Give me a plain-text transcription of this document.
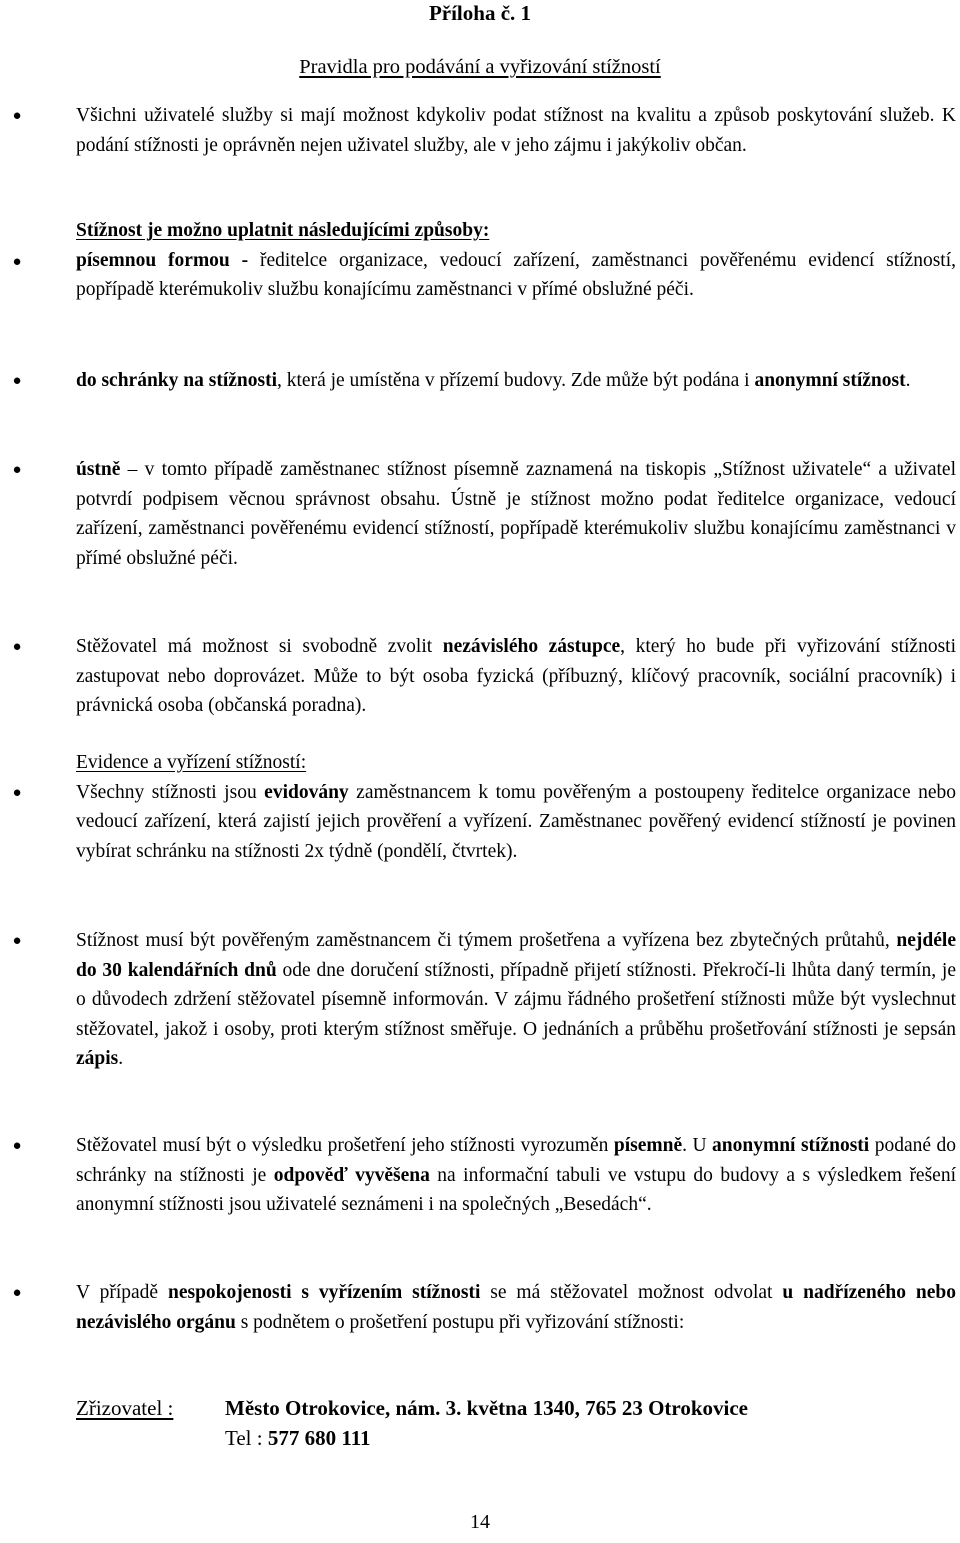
Příloha č. 1
Pravidla pro podávání a vyřizování stížností
●	Všichni uživatelé služby si mají možnost kdykoliv podat stížnost na kvalitu a způsob poskytování služeb. K podání stížnosti je oprávněn nejen uživatel služby, ale v jeho zájmu i jakýkoliv občan.

●

Stížnost je možno uplatnit následujícími způsoby:
písemnou formou - ředitelce organizace, vedoucí zařízení, zaměstnanci pověřenému evidencí stížností, popřípadě kterémukoliv službu konajícímu zaměstnanci v přímé obslužné péči.

●	do schránky na stížnosti, která je umístěna v přízemí budovy. Zde může být podána i anonymní stížnost.

●	ústně – v tomto případě zaměstnanec stížnost písemně zaznamená na tiskopis „Stížnost uživatele“ a uživatel potvrdí podpisem věcnou správnost obsahu. Ústně je stížnost možno podat ředitelce organizace, vedoucí zařízení, zaměstnanci pověřenému evidencí stížností, popřípadě kterémukoliv službu konajícímu zaměstnanci v přímé obslužné péči.

●	Stěžovatel má možnost si svobodně zvolit nezávislého zástupce, který ho bude při vyřizování stížnosti zastupovat nebo doprovázet. Může to být osoba fyzická (příbuzný, klíčový pracovník, sociální pracovník) i právnická osoba (občanská poradna).

●

Evidence a vyřízení stížností:
Všechny stížnosti jsou evidovány zaměstnancem k tomu pověřeným a postoupeny ředitelce organizace nebo vedoucí zařízení, která zajistí jejich prověření a vyřízení. Zaměstnanec pověřený evidencí stížností je povinen vybírat schránku na stížnosti 2x týdně (pondělí, čtvrtek).

●	Stížnost musí být pověřeným zaměstnancem či týmem prošetřena a vyřízena bez zbytečných průtahů, nejdéle do 30 kalendářních dnů ode dne doručení stížnosti, případně přijetí stížnosti. Překročí-li lhůta daný termín, je o důvodech zdržení stěžovatel písemně informován. V zájmu řádného prošetření stížnosti může být vyslechnut stěžovatel, jakož i osoby, proti kterým stížnost směřuje. O jednáních a průběhu prošetřování stížnosti je sepsán zápis.

●	Stěžovatel musí být o výsledku prošetření jeho stížnosti vyrozuměn písemně. U anonymní stížnosti podané do schránky na stížnosti je odpověď vyvěšena na informační tabuli ve vstupu do budovy a s výsledkem řešení anonymní stížnosti jsou uživatelé seznámeni i na společných „Besedách“.

●	V případě nespokojenosti s vyřízením stížnosti se má stěžovatel možnost odvolat u nadřízeného nebo nezávislého orgánu s podnětem o prošetření postupu při vyřizování stížnosti:

Zřizovatel : Město Otrokovice, nám. 3. května 1340, 765 23 Otrokovice
Tel : 577 680 111
14
